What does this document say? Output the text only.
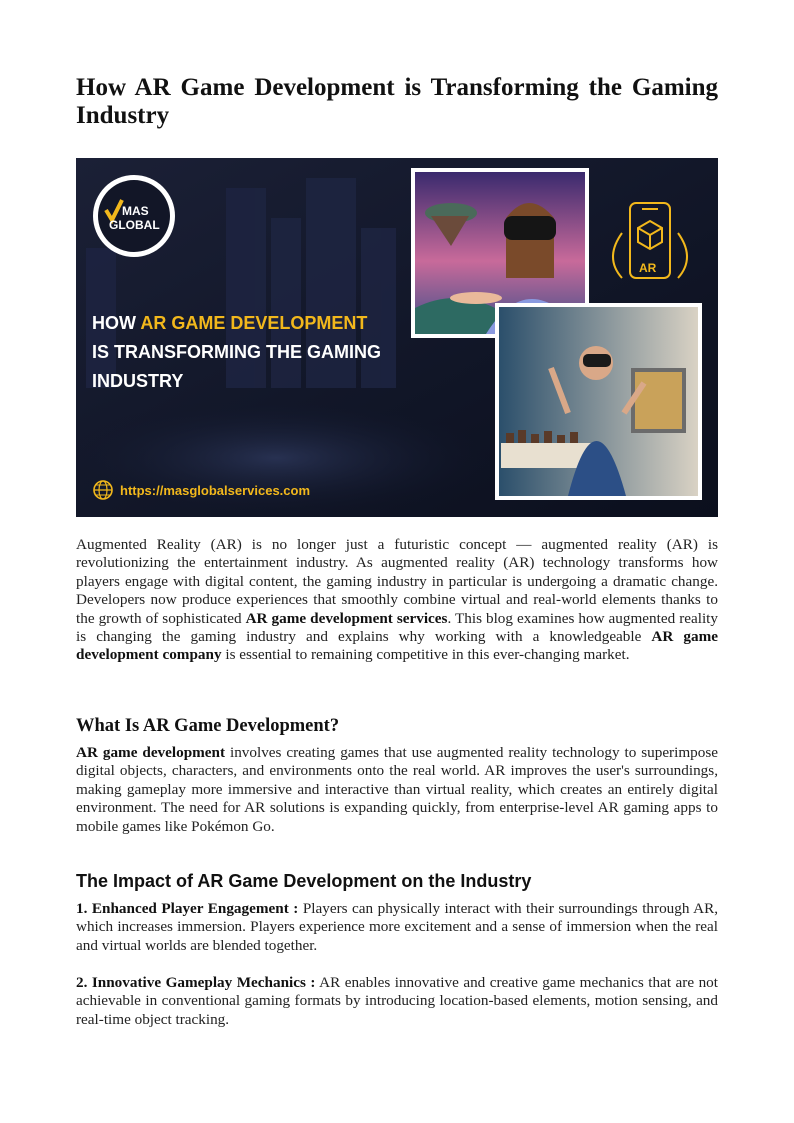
How AR Game Development is Transforming the Gaming Industry
MAS
GLOBAL
HOW AR GAME DEVELOPMENT
IS TRANSFORMING THE GAMING
INDUSTRY
https://masglobalservices.com
AR

Augmented Reality (AR) is no longer just a futuristic concept — augmented reality (AR) is revolutionizing the entertainment industry. As augmented reality (AR) technology transforms how players engage with digital content, the gaming industry in particular is undergoing a dramatic change. Developers now produce experiences that smoothly combine virtual and real-world elements thanks to the growth of sophisticated AR game development services. This blog examines how augmented reality is changing the gaming industry and explains why working with a knowledgeable AR game development company is essential to remaining competitive in this ever-changing market.

What Is AR Game Development?

AR game development involves creating games that use augmented reality technology to superimpose digital objects, characters, and environments onto the real world. AR improves the user's surroundings, making gameplay more immersive and interactive than virtual reality, which creates an entirely digital environment. The need for AR solutions is expanding quickly, from enterprise-level AR gaming apps to mobile games like Pokémon Go.

The Impact of AR Game Development on the Industry

1. Enhanced Player Engagement : Players can physically interact with their surroundings through AR, which increases immersion. Players experience more excitement and a sense of immersion when the real and virtual worlds are blended together.

2. Innovative Gameplay Mechanics : AR enables innovative and creative game mechanics that are not achievable in conventional gaming formats by introducing location-based elements, motion sensing, and real-time object tracking.
